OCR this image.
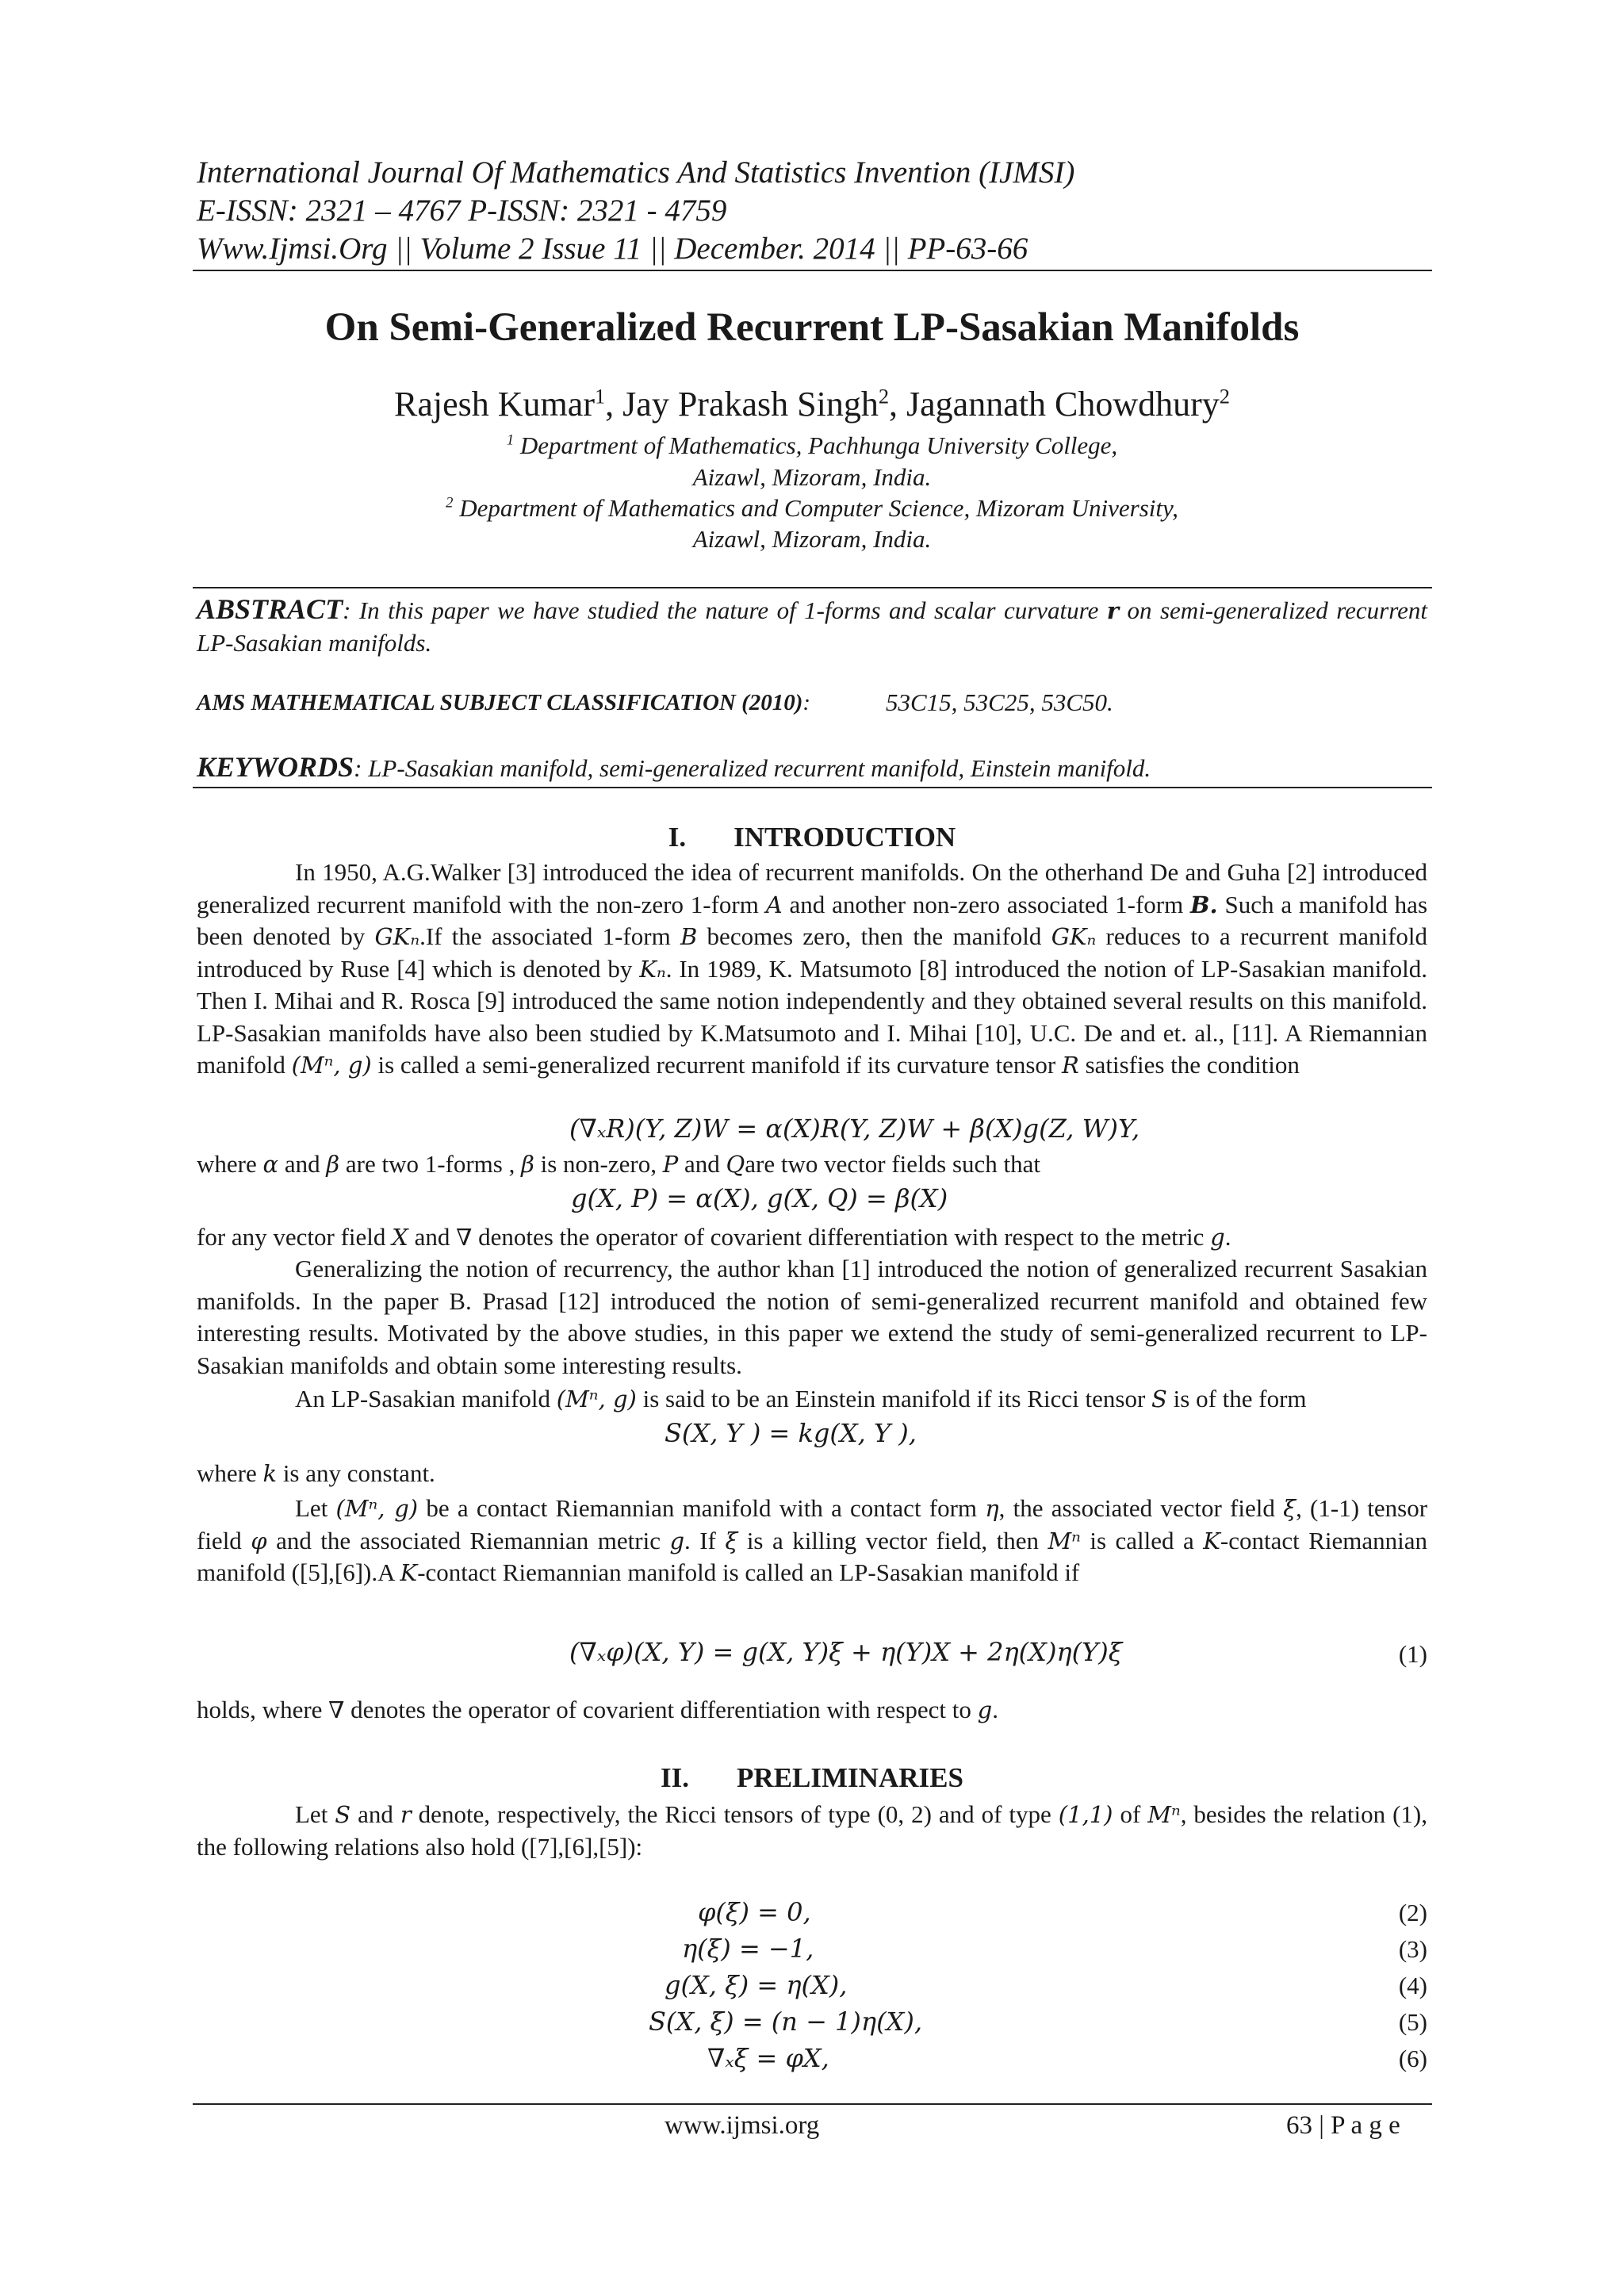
International Journal Of Mathematics And Statistics Invention (IJMSI)
E-ISSN: 2321 – 4767 P-ISSN: 2321 - 4759
Www.Ijmsi.Org || Volume 2 Issue 11 || December. 2014 || PP-63-66
On Semi-Generalized Recurrent LP-Sasakian Manifolds
Rajesh Kumar$^1$, Jay Prakash Singh$^2$, Jagannath Chowdhury$^2$
$^1$ Department of Mathematics, Pachhunga University College,
Aizawl, Mizoram, India.
$^2$ Department of Mathematics and Computer Science, Mizoram University,
Aizawl, Mizoram, India.
ABSTRACT: In this paper we have studied the nature of 1-forms and scalar curvature r on semi-generalized recurrent LP-Sasakian manifolds.
AMS MATHEMATICAL SUBJECT CLASSIFICATION (2010):	53C15, 53C25, 53C50.
KEYWORDS: LP-Sasakian manifold, semi-generalized recurrent manifold, Einstein manifold.
I. INTRODUCTION
In 1950, A.G.Walker [3] introduced the idea of recurrent manifolds. On the otherhand De and Guha [2] introduced generalized recurrent manifold with the non-zero 1-form A and another non-zero associated 1-form B. Such a manifold has been denoted by GKₙ.If the associated 1-form B becomes zero, then the manifold GKₙ reduces to a recurrent manifold introduced by Ruse [4] which is denoted by Kₙ. In 1989, K. Matsumoto [8] introduced the notion of LP-Sasakian manifold. Then I. Mihai and R. Rosca [9] introduced the same notion independently and they obtained several results on this manifold. LP-Sasakian manifolds have also been studied by K.Matsumoto and I. Mihai [10], U.C. De and et. al., [11]. A Riemannian manifold (Mⁿ, g) is called a semi-generalized recurrent manifold if its curvature tensor R satisfies the condition
(∇ₓR)(Y, Z)W = α(X)R(Y, Z)W + β(X)g(Z, W)Y,
where α and β are two 1-forms , β is non-zero, P and Qare two vector fields such that
g(X, P) = α(X), g(X, Q) = β(X)
for any vector field X and ∇ denotes the operator of covarient differentiation with respect to the metric g.
Generalizing the notion of recurrency, the author khan [1] introduced the notion of generalized recurrent Sasakian manifolds. In the paper B. Prasad [12] introduced the notion of semi-generalized recurrent manifold and obtained few interesting results. Motivated by the above studies, in this paper we extend the study of semi-generalized recurrent to LP-Sasakian manifolds and obtain some interesting results.
An LP-Sasakian manifold (Mⁿ, g) is said to be an Einstein manifold if its Ricci tensor S is of the form
S(X, Y ) = kg(X, Y ),
where k is any constant.
Let (Mⁿ, g) be a contact Riemannian manifold with a contact form η, the associated vector field ξ, (1-1) tensor field φ and the associated Riemannian metric g. If ξ is a killing vector field, then Mⁿ is called a K-contact Riemannian manifold ([5],[6]).A K-contact Riemannian manifold is called an LP-Sasakian manifold if
(∇ₓφ)(X, Y) = g(X, Y)ξ + η(Y)X + 2η(X)η(Y)ξ	(1)
holds, where ∇ denotes the operator of covarient differentiation with respect to g.
II. PRELIMINARIES
Let S and r denote, respectively, the Ricci tensors of type (0, 2) and of type (1,1) of Mⁿ, besides the relation (1), the following relations also hold ([7],[6],[5]):
φ(ξ) = 0,	(2)
η(ξ) = −1,	(3)
g(X, ξ) = η(X),	(4)
S(X, ξ) = (n − 1)η(X),	(5)
∇ₓξ = φX,	(6)
www.ijmsi.org	63 | P a g e
